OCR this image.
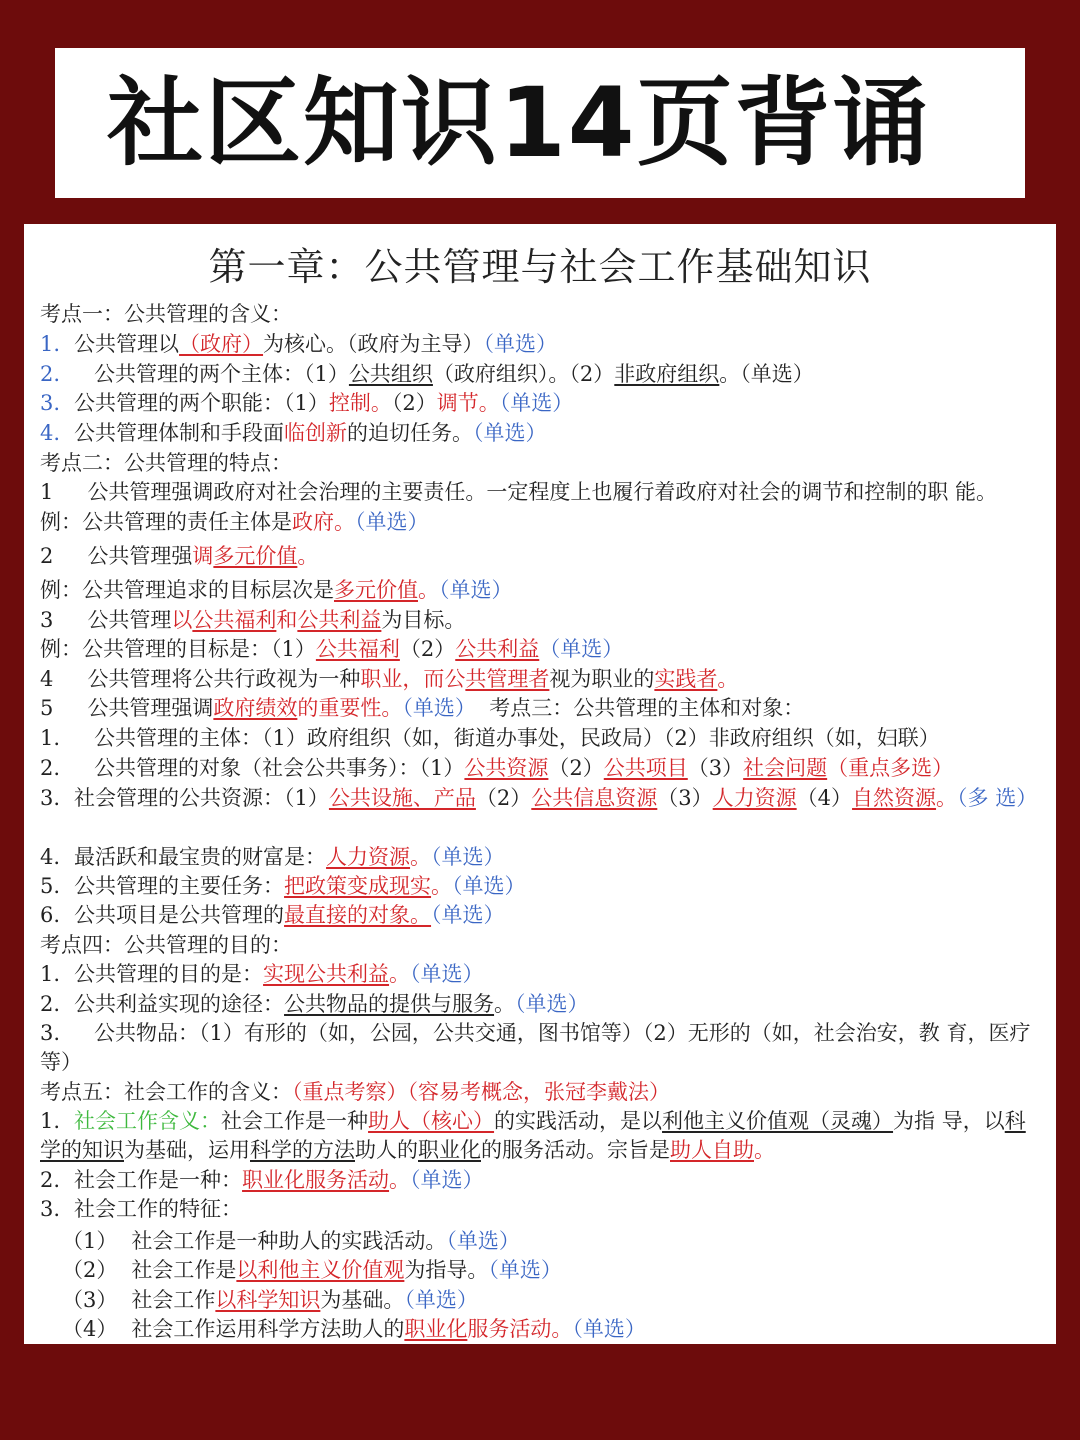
社区知识14页背诵
第一章：公共管理与社会工作基础知识
考点一：公共管理的含义：
1. 公共管理以（政府）为核心。（政府为主导）（单选）
2. 公共管理的两个主体：（1）公共组织（政府组织）。（2）非政府组织。（单选）
3. 公共管理的两个职能：（1）控制。（2）调节。（单选）
4. 公共管理体制和手段面临创新的迫切任务。（单选）
考点二：公共管理的特点：
1 公共管理强调政府对社会治理的主要责任。一定程度上也履行着政府对社会的调节和控制的职 能。
例：公共管理的责任主体是政府。（单选）
2 公共管理强调多元价值。
例：公共管理追求的目标层次是多元价值。（单选）
3 公共管理以公共福利和公共利益为目标。
例：公共管理的目标是：（1）公共福利（2）公共利益（单选）
4 公共管理将公共行政视为一种职业，而公共管理者视为职业的实践者。
5 公共管理强调政府绩效的重要性。（单选） 考点三：公共管理的主体和对象：
1. 公共管理的主体：（1）政府组织（如，街道办事处，民政局）（2）非政府组织（如，妇联）
2. 公共管理的对象（社会公共事务）：（1）公共资源（2）公共项目（3）社会问题（重点多选）
3. 社会管理的公共资源：（1）公共设施、产品（2）公共信息资源（3）人力资源（4）自然资源。（多 选）
4. 最活跃和最宝贵的财富是：人力资源。（单选）
5. 公共管理的主要任务：把政策变成现实。（单选）
6. 公共项目是公共管理的最直接的对象。（单选）
考点四：公共管理的目的：
1. 公共管理的目的是：实现公共利益。（单选）
2. 公共利益实现的途径：公共物品的提供与服务。（单选）
3. 公共物品：（1）有形的（如，公园，公共交通，图书馆等）（2）无形的（如，社会治安，教 育，医疗等）
考点五：社会工作的含义：（重点考察）（容易考概念，张冠李戴法）
1. 社会工作含义：社会工作是一种助人（核心）的实践活动，是以利他主义价值观（灵魂）为指 导，以科学的知识为基础，运用科学的方法助人的职业化的服务活动。宗旨是助人自助。
2. 社会工作是一种：职业化服务活动。（单选）
3. 社会工作的特征：
（1） 社会工作是一种助人的实践活动。（单选）
（2） 社会工作是以利他主义价值观为指导。（单选）
（3） 社会工作以科学知识为基础。（单选）
（4） 社会工作运用科学方法助人的职业化服务活动。（单选）
